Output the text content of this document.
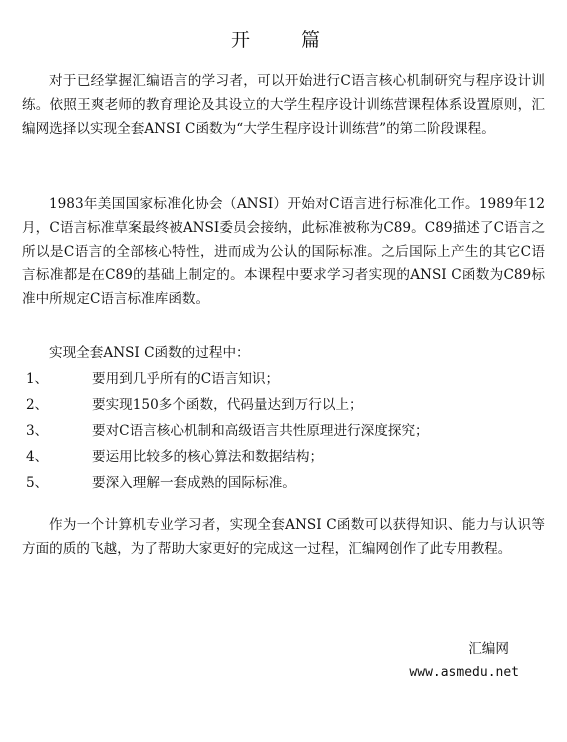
开　篇

对于已经掌握汇编语言的学习者，可以开始进行C语言核心机制研究与程序设计训练。依照王爽老师的教育理论及其设立的大学生程序设计训练营课程体系设置原则，汇编网选择以实现全套ANSI C函数为“大学生程序设计训练营”的第二阶段课程。

1983年美国国家标准化协会（ANSI）开始对C语言进行标准化工作。1989年12月，C语言标准草案最终被ANSI委员会接纳，此标准被称为C89。C89描述了C语言之所以是C语言的全部核心特性，进而成为公认的国际标准。之后国际上产生的其它C语言标准都是在C89的基础上制定的。本课程中要求学习者实现的ANSI C函数为C89标准中所规定C语言标准库函数。

实现全套ANSI C函数的过程中：

1、	要用到几乎所有的C语言知识；
2、	要实现150多个函数，代码量达到万行以上；
3、	要对C语言核心机制和高级语言共性原理进行深度探究；
4、	要运用比较多的核心算法和数据结构；
5、	要深入理解一套成熟的国际标准。

作为一个计算机专业学习者，实现全套ANSI C函数可以获得知识、能力与认识等方面的质的飞越，为了帮助大家更好的完成这一过程，汇编网创作了此专用教程。

汇编网
www.asmedu.net
